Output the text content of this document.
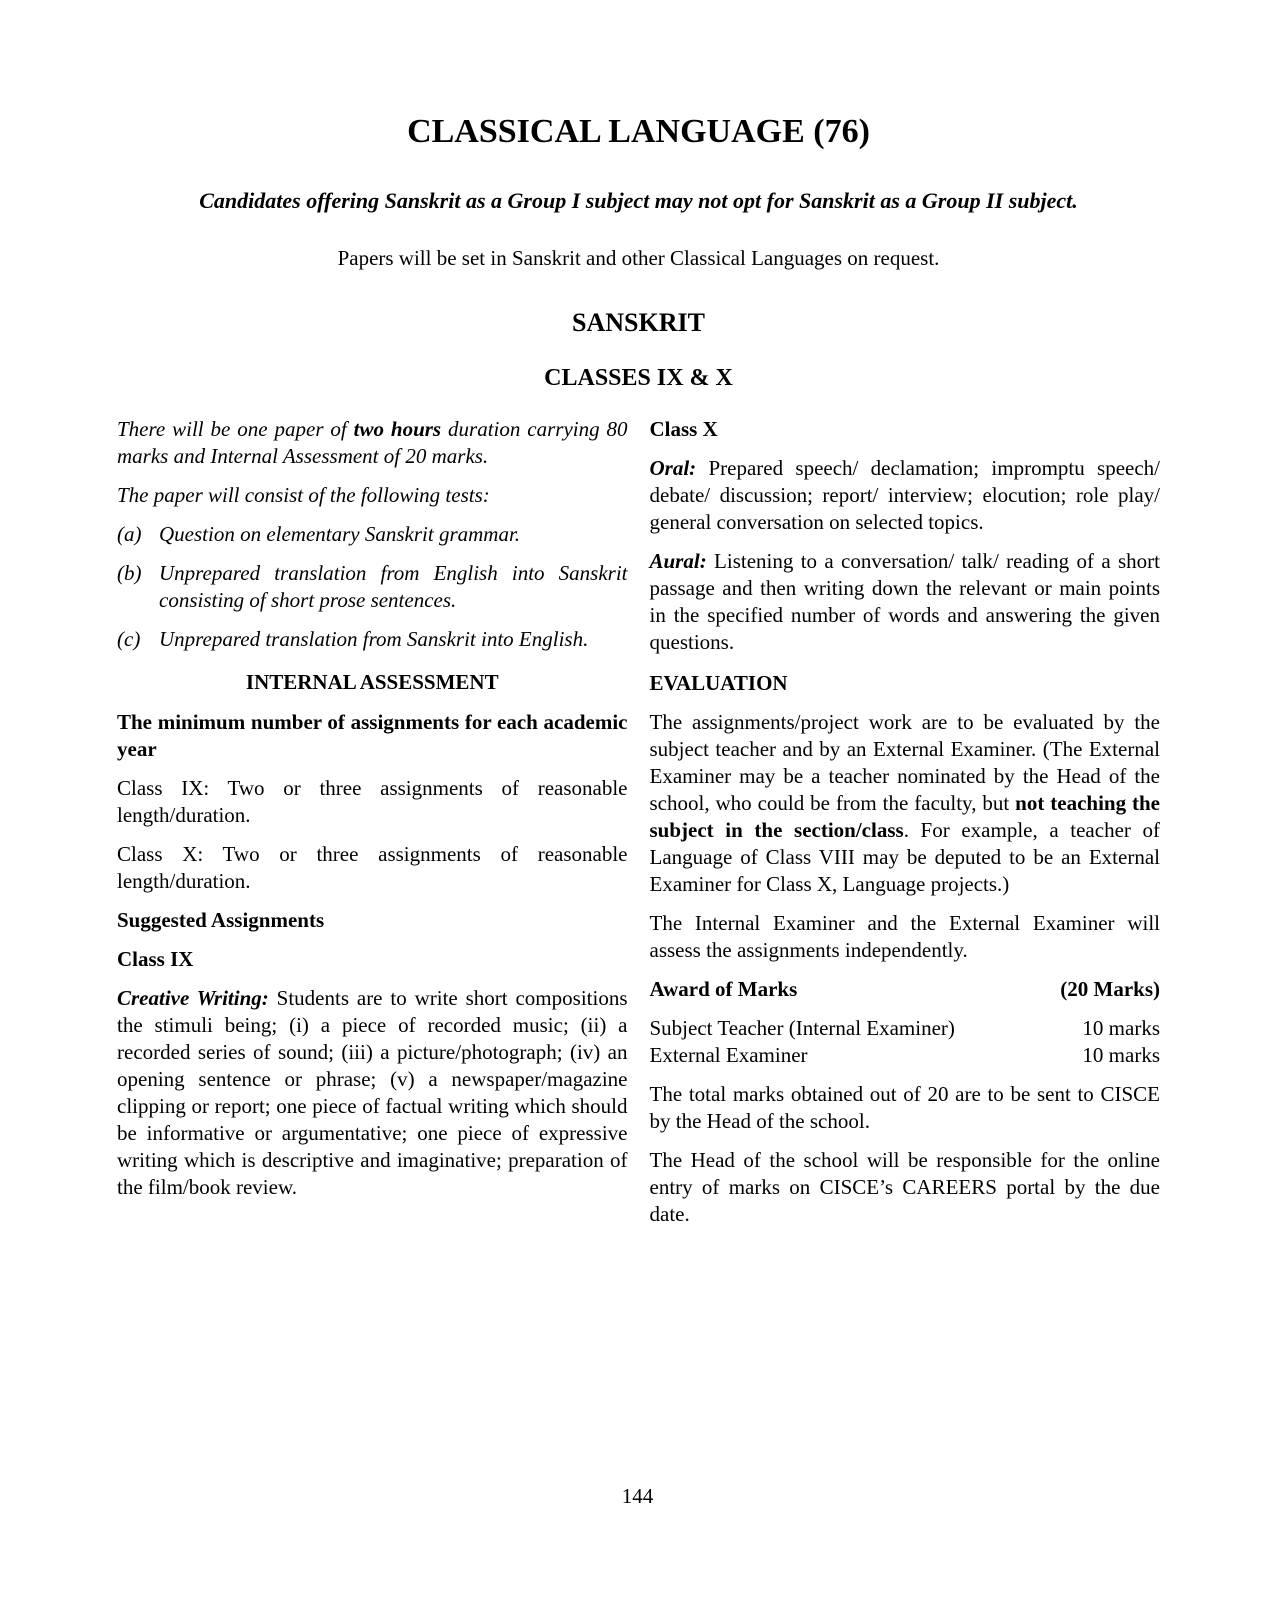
CLASSICAL LANGUAGE (76)
Candidates offering Sanskrit as a Group I subject may not opt for Sanskrit as a Group II subject.
Papers will be set in Sanskrit and other Classical Languages on request.
SANSKRIT
CLASSES IX & X

There will be one paper of two hours duration carrying 80 marks and Internal Assessment of 20 marks.

The paper will consist of the following tests:

(a) Question on elementary Sanskrit grammar.
(b) Unprepared translation from English into Sanskrit consisting of short prose sentences.
(c) Unprepared translation from Sanskrit into English.
INTERNAL ASSESSMENT

The minimum number of assignments for each academic year

Class IX: Two or three assignments of reasonable length/duration.

Class X: Two or three assignments of reasonable length/duration.

Suggested Assignments

Class IX

Creative Writing: Students are to write short compositions the stimuli being; (i) a piece of recorded music; (ii) a recorded series of sound; (iii) a picture/photograph; (iv) an opening sentence or phrase; (v) a newspaper/magazine clipping or report; one piece of factual writing which should be informative or argumentative; one piece of expressive writing which is descriptive and imaginative; preparation of the film/book review.

Class X

Oral: Prepared speech/ declamation; impromptu speech/ debate/ discussion; report/ interview; elocution; role play/ general conversation on selected topics.

Aural: Listening to a conversation/ talk/ reading of a short passage and then writing down the relevant or main points in the specified number of words and answering the given questions.

EVALUATION

The assignments/project work are to be evaluated by the subject teacher and by an External Examiner. (The External Examiner may be a teacher nominated by the Head of the school, who could be from the faculty, but not teaching the subject in the section/class. For example, a teacher of Language of Class VIII may be deputed to be an External Examiner for Class X, Language projects.)

The Internal Examiner and the External Examiner will assess the assignments independently.

Award of Marks	(20 Marks)
Subject Teacher (Internal Examiner)	10 marks
External Examiner	10 marks

The total marks obtained out of 20 are to be sent to CISCE by the Head of the school.

The Head of the school will be responsible for the online entry of marks on CISCE’s CAREERS portal by the due date.

144
